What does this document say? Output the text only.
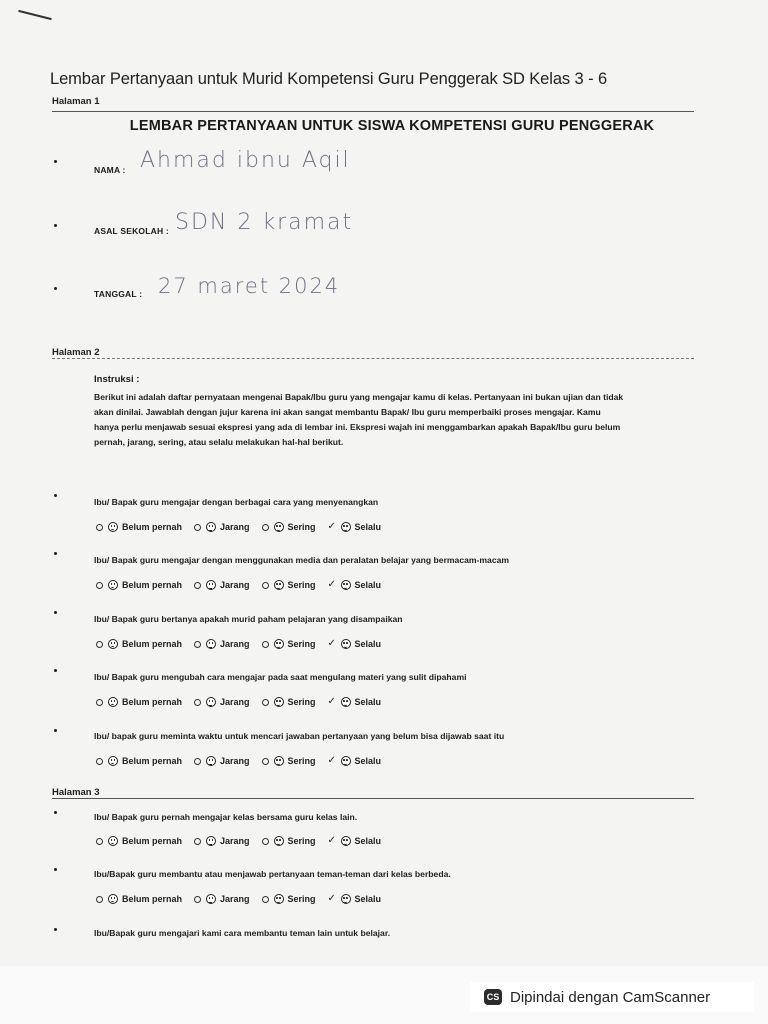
Lembar Pertanyaan untuk Murid Kompetensi Guru Penggerak SD Kelas 3 - 6
Halaman 1
LEMBAR PERTANYAAN UNTUK SISWA KOMPETENSI GURU PENGGERAK
NAMA : Ahmad ibnu Aqil
ASAL SEKOLAH : SDN 2 kramat
TANGGAL : 27 maret 2024
Halaman 2
Instruksi :
Berikut ini adalah daftar pernyataan mengenai Bapak/Ibu guru yang mengajar kamu di kelas. Pertanyaan ini bukan ujian dan tidak
akan dinilai. Jawablah dengan jujur karena ini akan sangat membantu Bapak/ Ibu guru memperbaiki proses mengajar. Kamu
hanya perlu menjawab sesuai ekspresi yang ada di lembar ini. Ekspresi wajah ini menggambarkan apakah Bapak/Ibu guru belum
pernah, jarang, sering, atau selalu melakukan hal-hal berikut.
Ibu/ Bapak guru mengajar dengan berbagai cara yang menyenangkan
Belum pernah	Jarang	Sering ✓ Selalu
Ibu/ Bapak guru mengajar dengan menggunakan media dan peralatan belajar yang bermacam-macam
Belum pernah	Jarang	Sering ✓ Selalu
Ibu/ Bapak guru bertanya apakah murid paham pelajaran yang disampaikan
Belum pernah	Jarang	Sering ✓ Selalu
Ibu/ Bapak guru mengubah cara mengajar pada saat mengulang materi yang sulit dipahami
Belum pernah	Jarang	Sering ✓ Selalu
Ibu/ bapak guru meminta waktu untuk mencari jawaban pertanyaan yang belum bisa dijawab saat itu
Belum pernah	Jarang	Sering ✓ Selalu
Halaman 3
Ibu/ Bapak guru pernah mengajar kelas bersama guru kelas lain.
Belum pernah	Jarang	Sering ✓ Selalu
Ibu/Bapak guru membantu atau menjawab pertanyaan teman-teman dari kelas berbeda.
Belum pernah	Jarang	Sering ✓ Selalu
Ibu/Bapak guru mengajari kami cara membantu teman lain untuk belajar.
CS Dipindai dengan CamScanner
